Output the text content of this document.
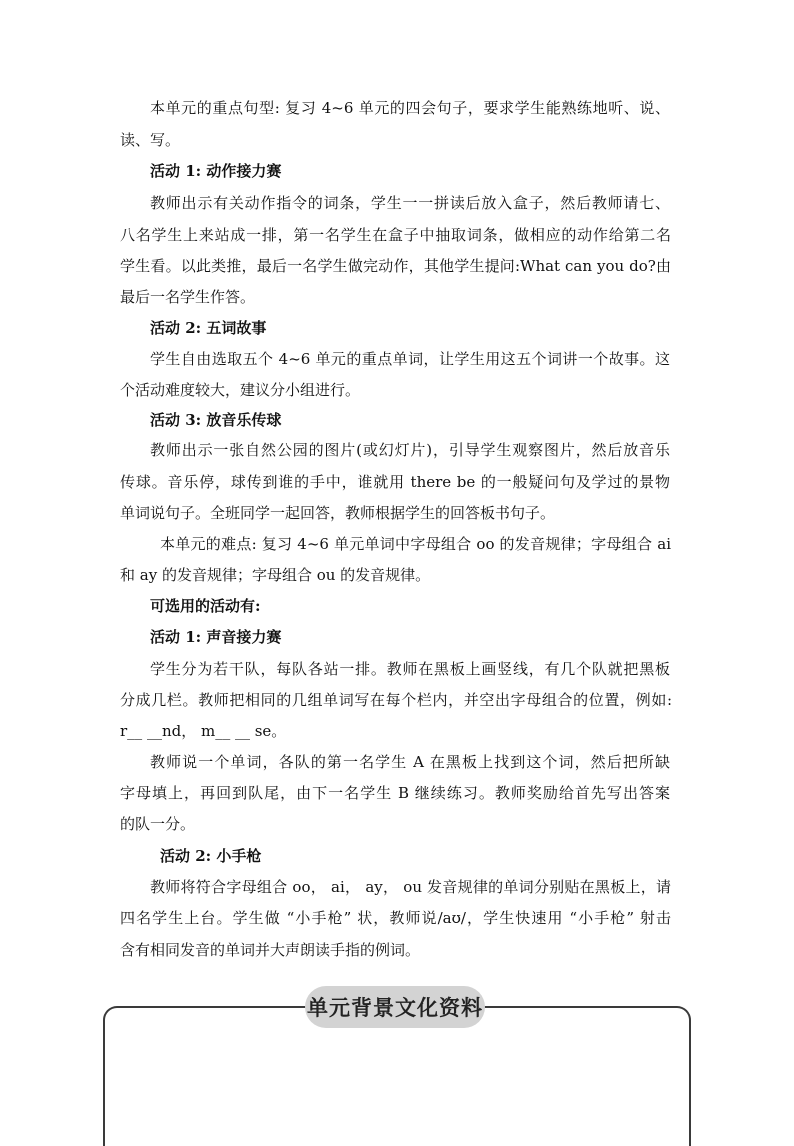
本单元的重点句型: 复习 4~6 单元的四会句子，要求学生能熟练地听、说、
读、写。
活动 1: 动作接力赛
教师出示有关动作指令的词条，学生一一拼读后放入盒子，然后教师请七、
八名学生上来站成一排，第一名学生在盒子中抽取词条，做相应的动作给第二名
学生看。以此类推，最后一名学生做完动作，其他学生提问:What can you do?由
最后一名学生作答。
活动 2: 五词故事
学生自由选取五个 4~6 单元的重点单词，让学生用这五个词讲一个故事。这
个活动难度较大，建议分小组进行。
活动 3: 放音乐传球
教师出示一张自然公园的图片(或幻灯片)，引导学生观察图片，然后放音乐
传球。音乐停，球传到谁的手中，谁就用 there be 的一般疑问句及学过的景物
单词说句子。全班同学一起回答，教师根据学生的回答板书句子。
本单元的难点: 复习 4~6 单元单词中字母组合 oo 的发音规律；字母组合 ai
和 ay 的发音规律；字母组合 ou 的发音规律。
可选用的活动有:
活动 1: 声音接力赛
学生分为若干队，每队各站一排。教师在黑板上画竖线，有几个队就把黑板
分成几栏。教师把相同的几组单词写在每个栏内，并空出字母组合的位置，例如:
r__ __nd， m__ __ se。
教师说一个单词，各队的第一名学生 A 在黑板上找到这个词，然后把所缺
字母填上，再回到队尾，由下一名学生 B 继续练习。教师奖励给首先写出答案
的队一分。
活动 2: 小手枪
教师将符合字母组合 oo， ai， ay， ou 发音规律的单词分别贴在黑板上，请
四名学生上台。学生做 “小手枪” 状，教师说/aʊ/，学生快速用 “小手枪” 射击
含有相同发音的单词并大声朗读手指的例词。
单元背景文化资料
